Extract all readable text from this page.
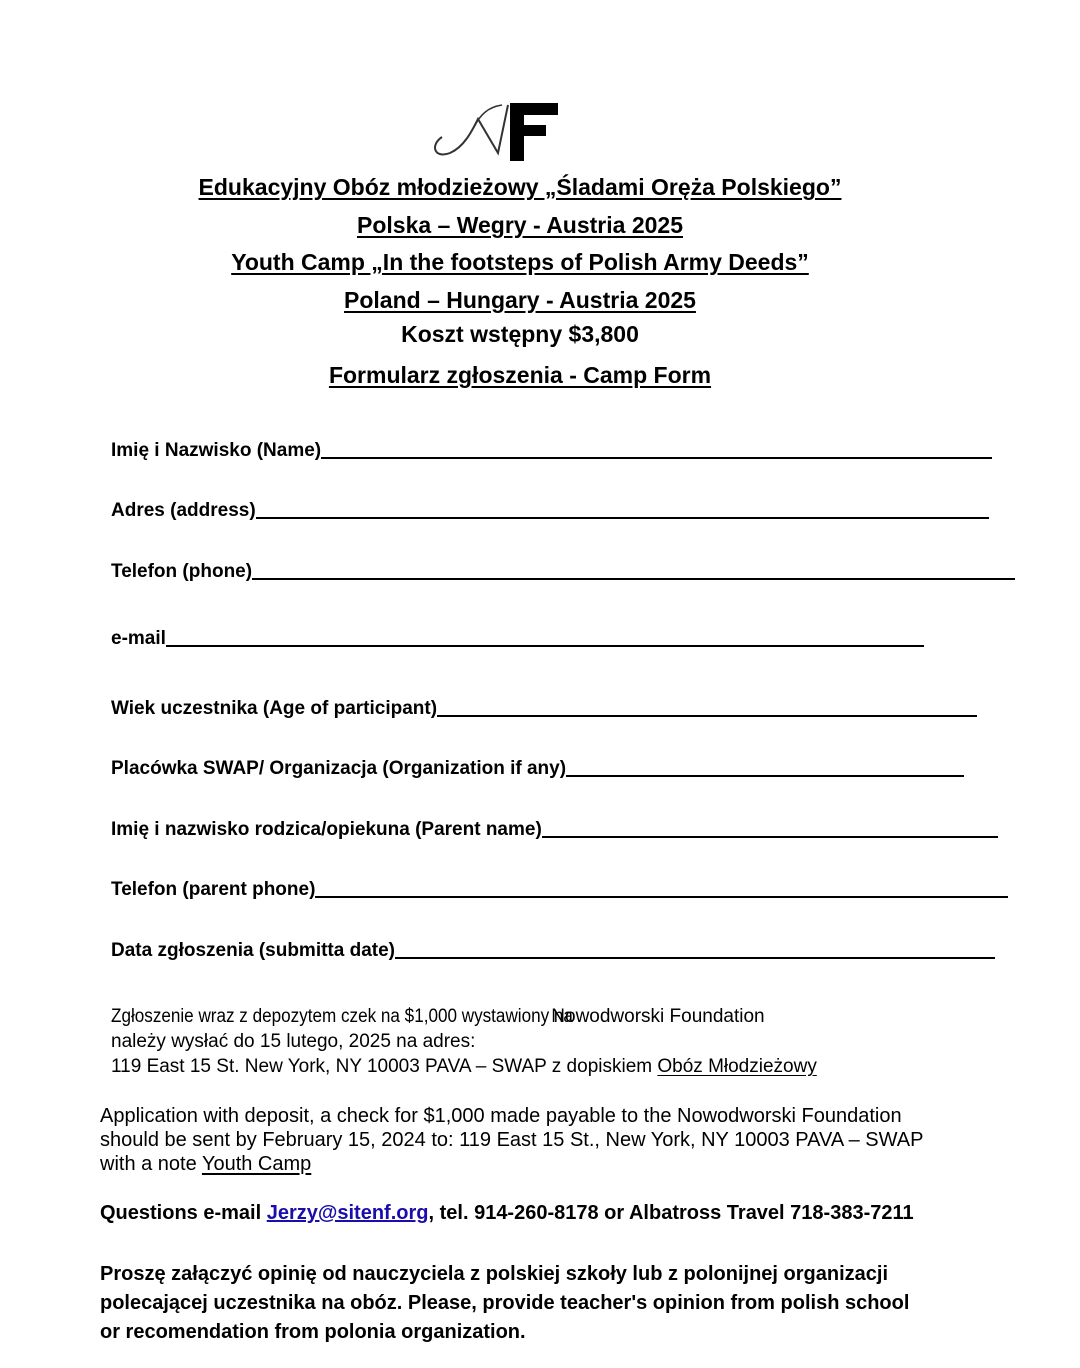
Edukacyjny Obóz młodzieżowy „Śladami Oręża Polskiego”
Polska – Wegry - Austria 2025
Youth Camp „In the footsteps of Polish Army Deeds”
Poland – Hungary - Austria 2025
Koszt wstępny $3,800
Formularz zgłoszenia - Camp Form
Imię i Nazwisko (Name)
Adres (address)
Telefon (phone)
e-mail
Wiek uczestnika (Age of participant)
Placówka SWAP/ Organizacja (Organization if any)
Imię i nazwisko rodzica/opiekuna (Parent name)
Telefon (parent phone)
Data zgłoszenia (submitta date)
Zgłoszenie wraz z depozytem czek na $1,000 wystawiony na Nowodworski Foundation
należy wysłać do 15 lutego, 2025 na adres:
119 East 15 St. New York, NY 10003 PAVA – SWAP z dopiskiem Obóz Młodzieżowy
Application with deposit, a check for $1,000 made payable to the Nowodworski Foundation
should be sent by February 15, 2024 to: 119 East 15 St., New York, NY 10003 PAVA – SWAP
with a note Youth Camp
Questions e-mail Jerzy@sitenf.org, tel. 914-260-8178 or Albatross Travel 718-383-7211
Proszę załączyć opinię od nauczyciela z polskiej szkoły lub z polonijnej organizacji
polecającej uczestnika na obóz. Please, provide teacher's opinion from polish school
or recomendation from polonia organization.
